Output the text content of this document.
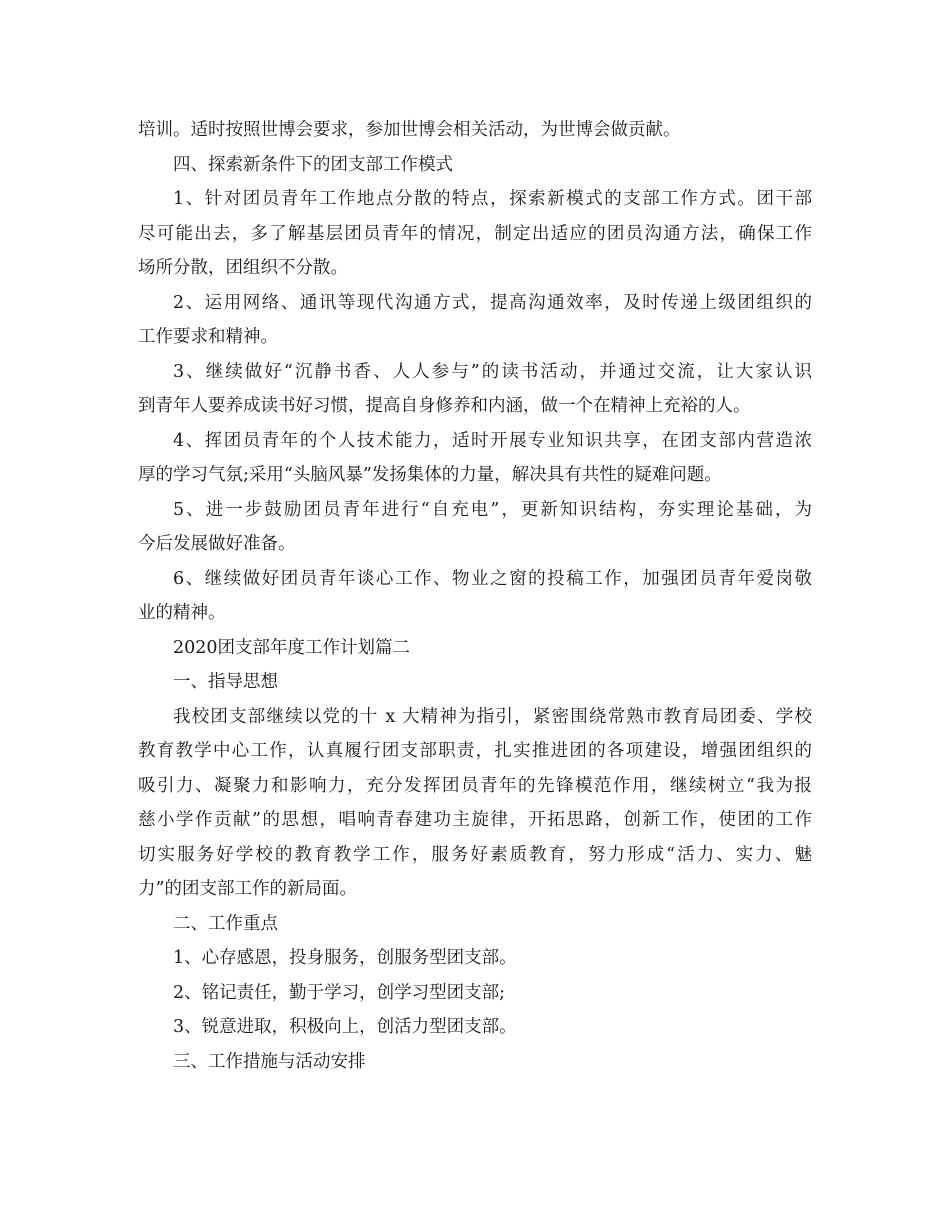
培训。适时按照世博会要求，参加世博会相关活动，为世博会做贡献。
四、探索新条件下的团支部工作模式
1、针对团员青年工作地点分散的特点，探索新模式的支部工作方式。团干部
尽可能出去，多了解基层团员青年的情况，制定出适应的团员沟通方法，确保工作
场所分散，团组织不分散。
2、运用网络、通讯等现代沟通方式，提高沟通效率，及时传递上级团组织的
工作要求和精神。
3、继续做好“沉静书香、人人参与”的读书活动，并通过交流，让大家认识
到青年人要养成读书好习惯，提高自身修养和内涵，做一个在精神上充裕的人。
4、挥团员青年的个人技术能力，适时开展专业知识共享，在团支部内营造浓
厚的学习气氛;采用“头脑风暴”发扬集体的力量，解决具有共性的疑难问题。
5、进一步鼓励团员青年进行“自充电”，更新知识结构，夯实理论基础，为
今后发展做好准备。
6、继续做好团员青年谈心工作、物业之窗的投稿工作，加强团员青年爱岗敬
业的精神。
2020团支部年度工作计划篇二
一、指导思想
我校团支部继续以党的十 x 大精神为指引，紧密围绕常熟市教育局团委、学校
教育教学中心工作，认真履行团支部职责，扎实推进团的各项建设，增强团组织的
吸引力、凝聚力和影响力，充分发挥团员青年的先锋模范作用，继续树立“我为报
慈小学作贡献”的思想，唱响青春建功主旋律，开拓思路，创新工作，使团的工作
切实服务好学校的教育教学工作，服务好素质教育，努力形成“活力、实力、魅
力”的团支部工作的新局面。
二、工作重点
1、心存感恩，投身服务，创服务型团支部。
2、铭记责任，勤于学习，创学习型团支部;
3、锐意进取，积极向上，创活力型团支部。
三、工作措施与活动安排
